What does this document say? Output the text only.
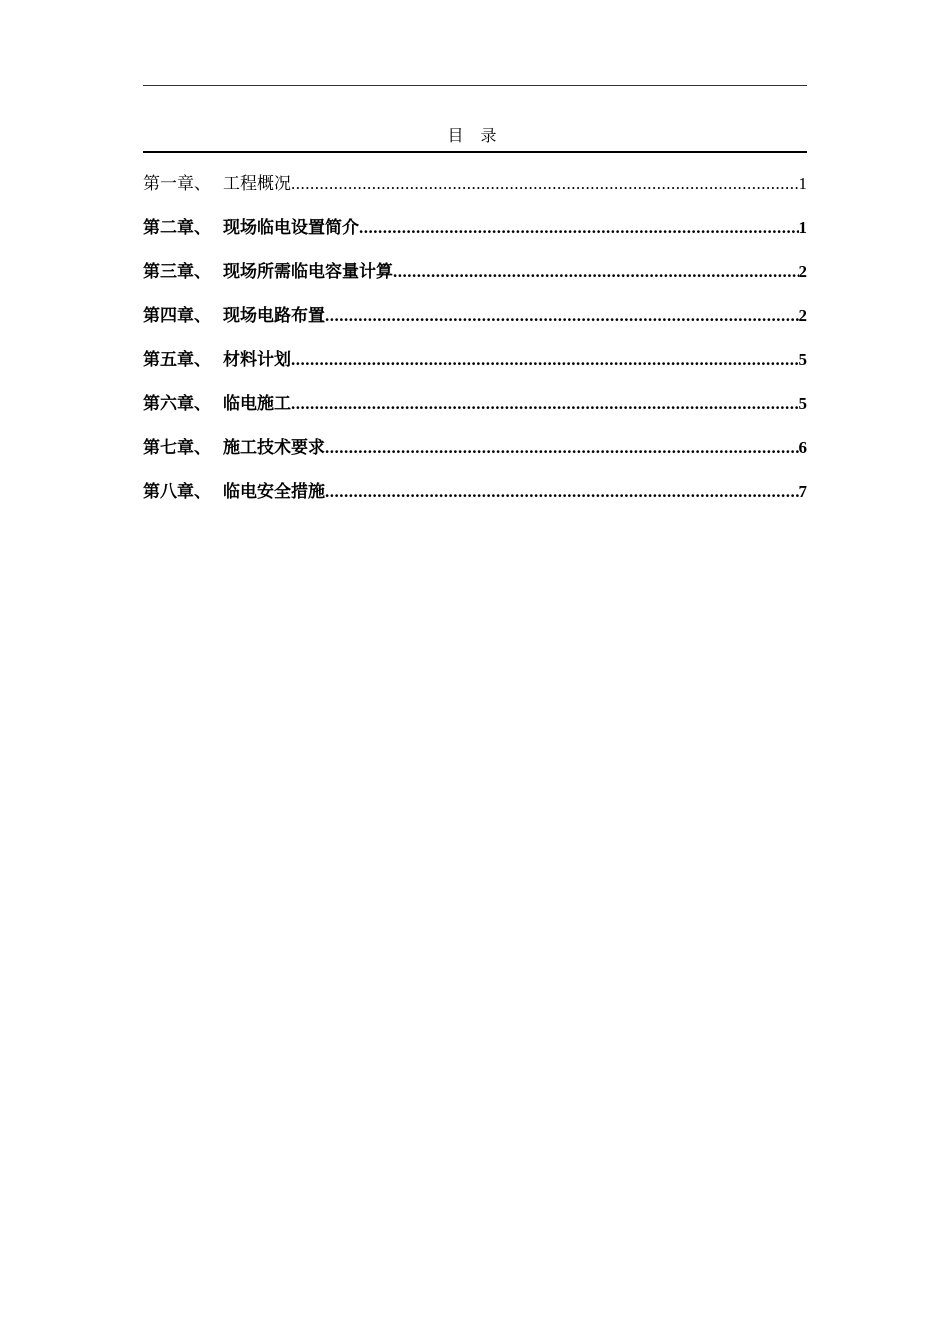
目 录
第一章、 工程概况 .....	1
第二章、 现场临电设置简介 .....	1
第三章、 现场所需临电容量计算 .....	2
第四章、 现场电路布置 .....	2
第五章、 材料计划 .....	5
第六章、 临电施工 .....	5
第七章、 施工技术要求 .....	6
第八章、 临电安全措施 .....	7
